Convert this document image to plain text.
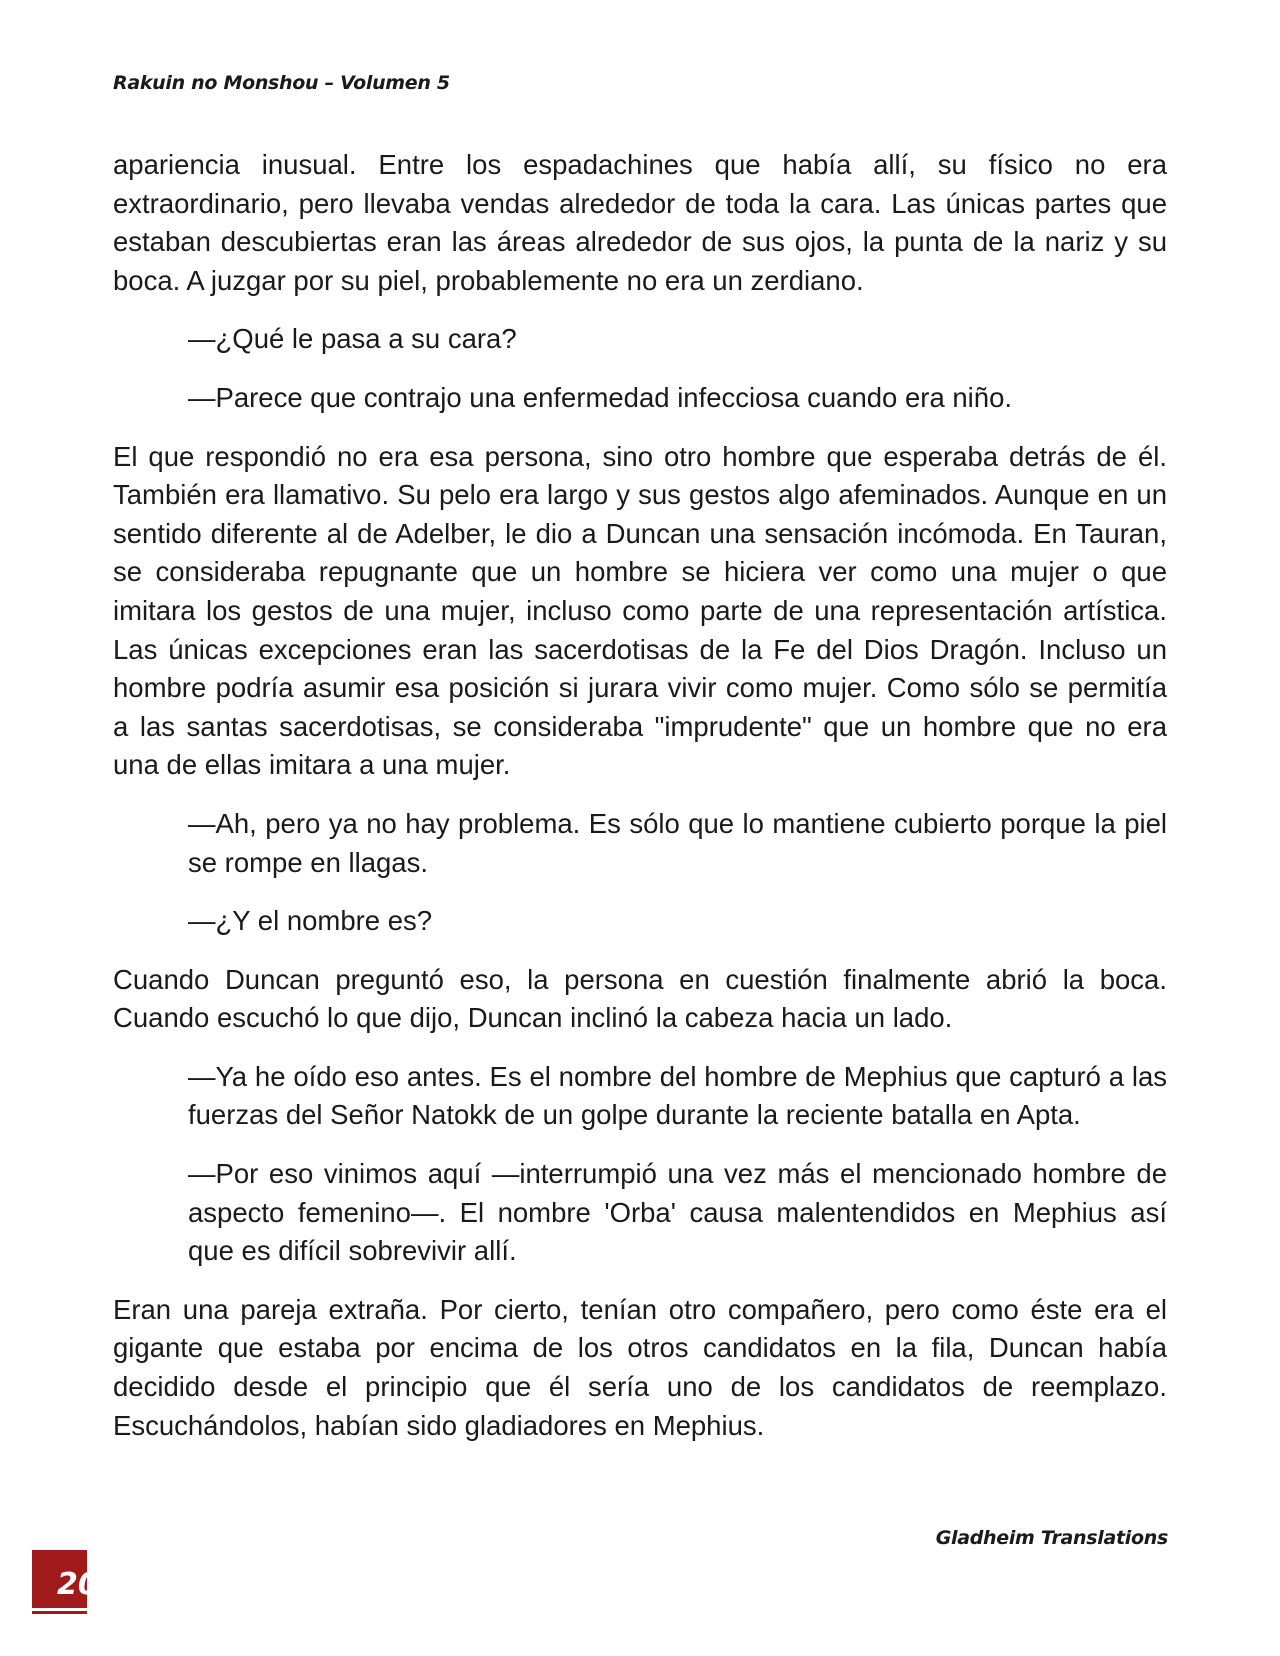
Rakuin no Monshou – Volumen 5

apariencia inusual. Entre los espadachines que había allí, su físico no era extraordinario, pero llevaba vendas alrededor de toda la cara. Las únicas partes que estaban descubiertas eran las áreas alrededor de sus ojos, la punta de la nariz y su boca. A juzgar por su piel, probablemente no era un zerdiano.

—¿Qué le pasa a su cara?

—Parece que contrajo una enfermedad infecciosa cuando era niño.

El que respondió no era esa persona, sino otro hombre que esperaba detrás de él. También era llamativo. Su pelo era largo y sus gestos algo afeminados. Aunque en un sentido diferente al de Adelber, le dio a Duncan una sensación incómoda. En Tauran, se consideraba repugnante que un hombre se hiciera ver como una mujer o que imitara los gestos de una mujer, incluso como parte de una representación artística. Las únicas excepciones eran las sacerdotisas de la Fe del Dios Dragón. Incluso un hombre podría asumir esa posición si jurara vivir como mujer. Como sólo se permitía a las santas sacerdotisas, se consideraba "imprudente" que un hombre que no era una de ellas imitara a una mujer.

—Ah, pero ya no hay problema. Es sólo que lo mantiene cubierto porque la piel se rompe en llagas.

—¿Y el nombre es?

Cuando Duncan preguntó eso, la persona en cuestión finalmente abrió la boca. Cuando escuchó lo que dijo, Duncan inclinó la cabeza hacia un lado.

—Ya he oído eso antes. Es el nombre del hombre de Mephius que capturó a las fuerzas del Señor Natokk de un golpe durante la reciente batalla en Apta.

—Por eso vinimos aquí —interrumpió una vez más el mencionado hombre de aspecto femenino—. El nombre 'Orba' causa malentendidos en Mephius así que es difícil sobrevivir allí.

Eran una pareja extraña. Por cierto, tenían otro compañero, pero como éste era el gigante que estaba por encima de los otros candidatos en la fila, Duncan había decidido desde el principio que él sería uno de los candidatos de reemplazo. Escuchándolos, habían sido gladiadores en Mephius.

Gladheim Translations
20
